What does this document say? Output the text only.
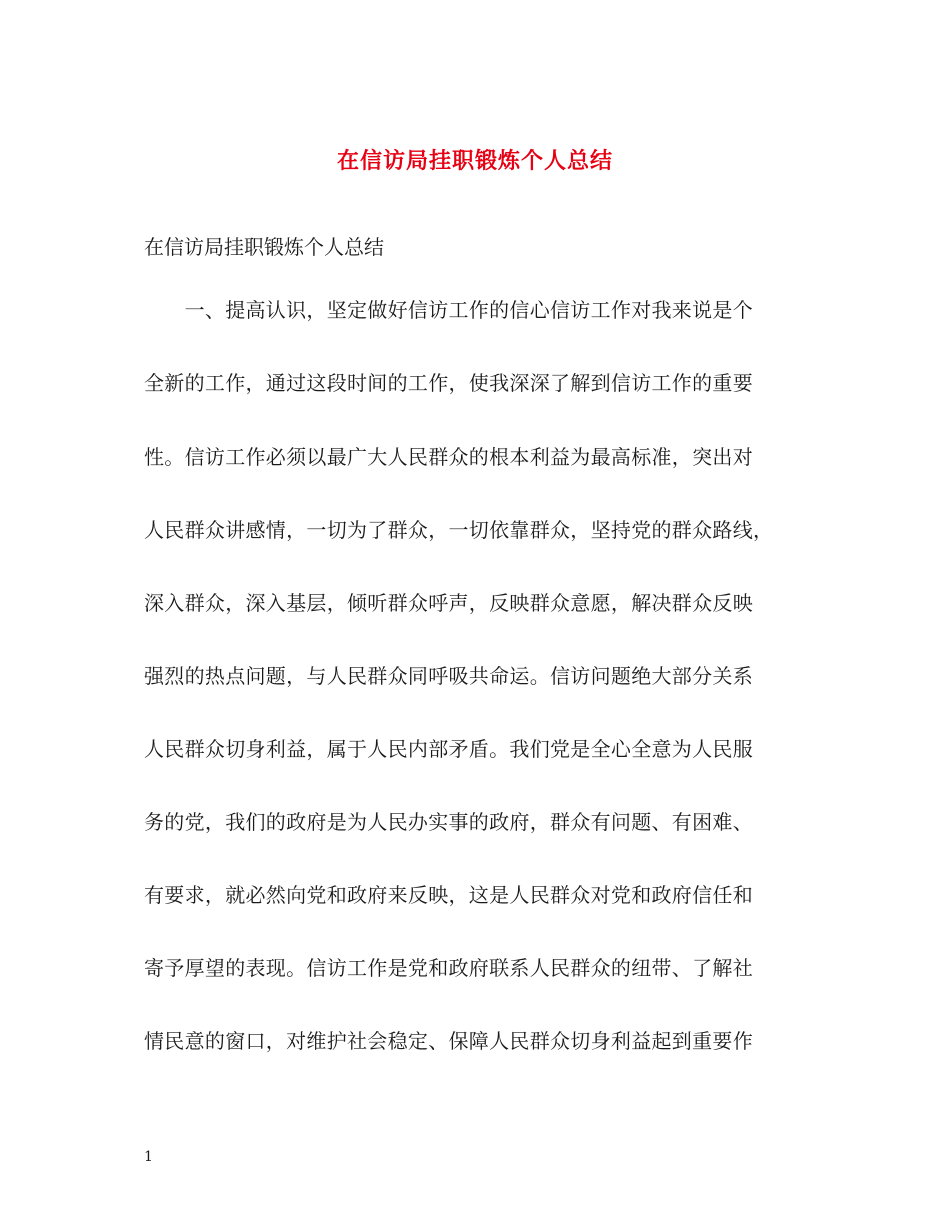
在信访局挂职锻炼个人总结
在信访局挂职锻炼个人总结
　　一、提高认识，坚定做好信访工作的信心信访工作对我来说是个
全新的工作，通过这段时间的工作，使我深深了解到信访工作的重要
性。信访工作必须以最广大人民群众的根本利益为最高标准，突出对
人民群众讲感情，一切为了群众，一切依靠群众，坚持党的群众路线，
深入群众，深入基层，倾听群众呼声，反映群众意愿，解决群众反映
强烈的热点问题，与人民群众同呼吸共命运。信访问题绝大部分关系
人民群众切身利益，属于人民内部矛盾。我们党是全心全意为人民服
务的党，我们的政府是为人民办实事的政府，群众有问题、有困难、
有要求，就必然向党和政府来反映，这是人民群众对党和政府信任和
寄予厚望的表现。信访工作是党和政府联系人民群众的纽带、了解社
情民意的窗口，对维护社会稳定、保障人民群众切身利益起到重要作
1
